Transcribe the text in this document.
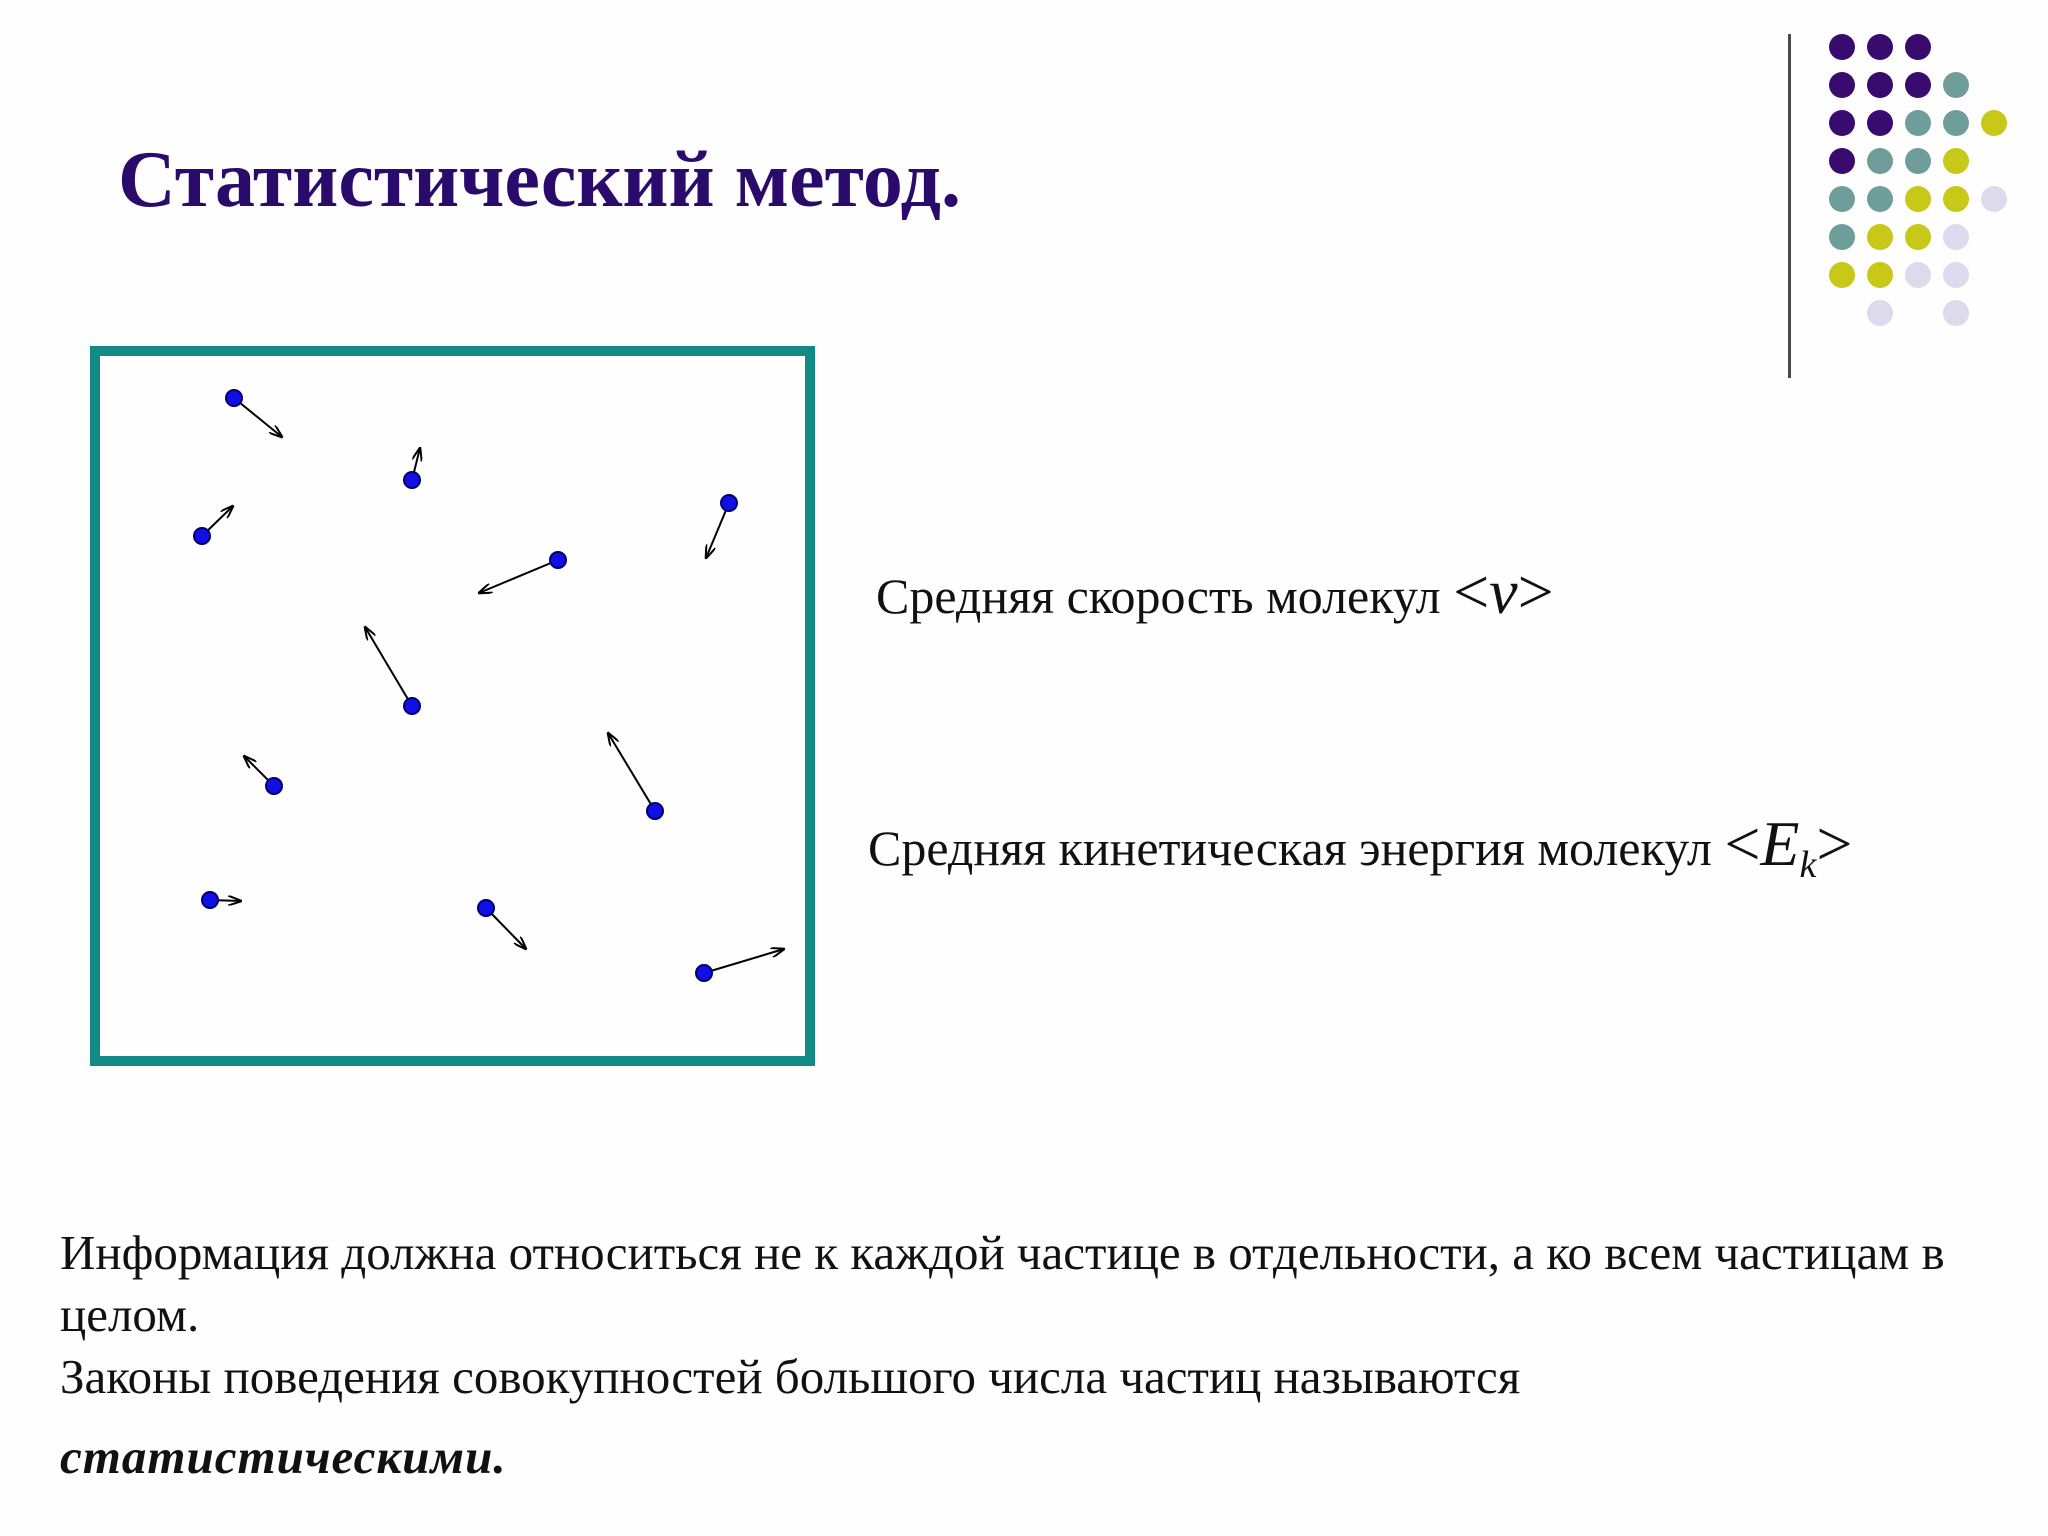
Статистический метод.
Средняя скорость молекул <v>
Средняя кинетическая энергия молекул $<E_k>$

Информация должна относиться не к каждой частице в отдельности, а ко всем частицам в целом.

Законы поведения совокупностей большого числа частиц называются

статистическими.
